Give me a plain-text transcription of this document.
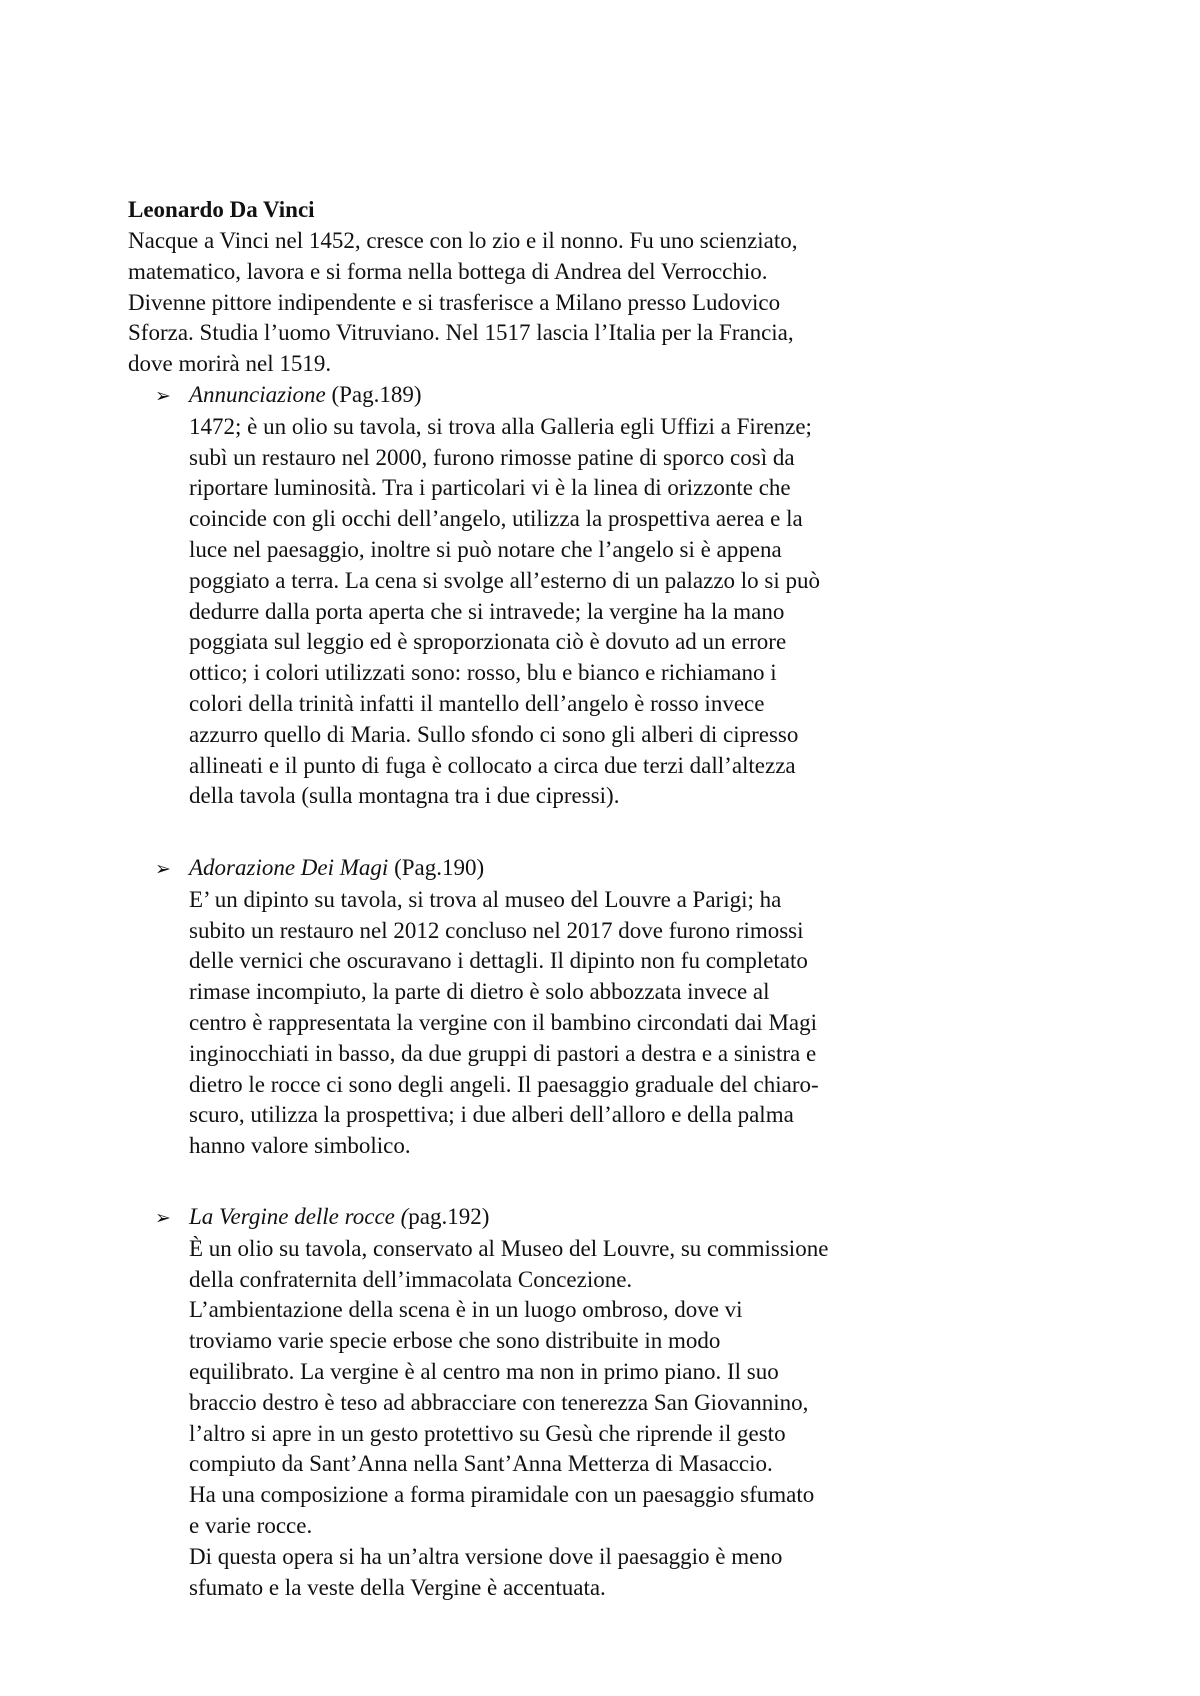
Leonardo Da Vinci
Nacque a Vinci nel 1452, cresce con lo zio e il nonno. Fu uno scienziato,
matematico, lavora e si forma nella bottega di Andrea del Verrocchio.
Divenne pittore indipendente e si trasferisce a Milano presso Ludovico
Sforza. Studia l’uomo Vitruviano. Nel 1517 lascia l’Italia per la Francia,
dove morirà nel 1519.
➢ Annunciazione (Pag.189)
1472; è un olio su tavola, si trova alla Galleria egli Uffizi a Firenze;
subì un restauro nel 2000, furono rimosse patine di sporco così da
riportare luminosità. Tra i particolari vi è la linea di orizzonte che
coincide con gli occhi dell’angelo, utilizza la prospettiva aerea e la
luce nel paesaggio, inoltre si può notare che l’angelo si è appena
poggiato a terra. La cena si svolge all’esterno di un palazzo lo si può
dedurre dalla porta aperta che si intravede; la vergine ha la mano
poggiata sul leggio ed è sproporzionata ciò è dovuto ad un errore
ottico; i colori utilizzati sono: rosso, blu e bianco e richiamano i
colori della trinità infatti il mantello dell’angelo è rosso invece
azzurro quello di Maria. Sullo sfondo ci sono gli alberi di cipresso
allineati e il punto di fuga è collocato a circa due terzi dall’altezza
della tavola (sulla montagna tra i due cipressi).
➢ Adorazione Dei Magi (Pag.190)
E’ un dipinto su tavola, si trova al museo del Louvre a Parigi; ha
subito un restauro nel 2012 concluso nel 2017 dove furono rimossi
delle vernici che oscuravano i dettagli. Il dipinto non fu completato
rimase incompiuto, la parte di dietro è solo abbozzata invece al
centro è rappresentata la vergine con il bambino circondati dai Magi
inginocchiati in basso, da due gruppi di pastori a destra e a sinistra e
dietro le rocce ci sono degli angeli. Il paesaggio graduale del chiaro-
scuro, utilizza la prospettiva; i due alberi dell’alloro e della palma
hanno valore simbolico.
➢ La Vergine delle rocce (pag.192)
È un olio su tavola, conservato al Museo del Louvre, su commissione
della confraternita dell’immacolata Concezione.
L’ambientazione della scena è in un luogo ombroso, dove vi
troviamo varie specie erbose che sono distribuite in modo
equilibrato. La vergine è al centro ma non in primo piano. Il suo
braccio destro è teso ad abbracciare con tenerezza San Giovannino,
l’altro si apre in un gesto protettivo su Gesù che riprende il gesto
compiuto da Sant’Anna nella Sant’Anna Metterza di Masaccio.
Ha una composizione a forma piramidale con un paesaggio sfumato
e varie rocce.
Di questa opera si ha un’altra versione dove il paesaggio è meno
sfumato e la veste della Vergine è accentuata.
